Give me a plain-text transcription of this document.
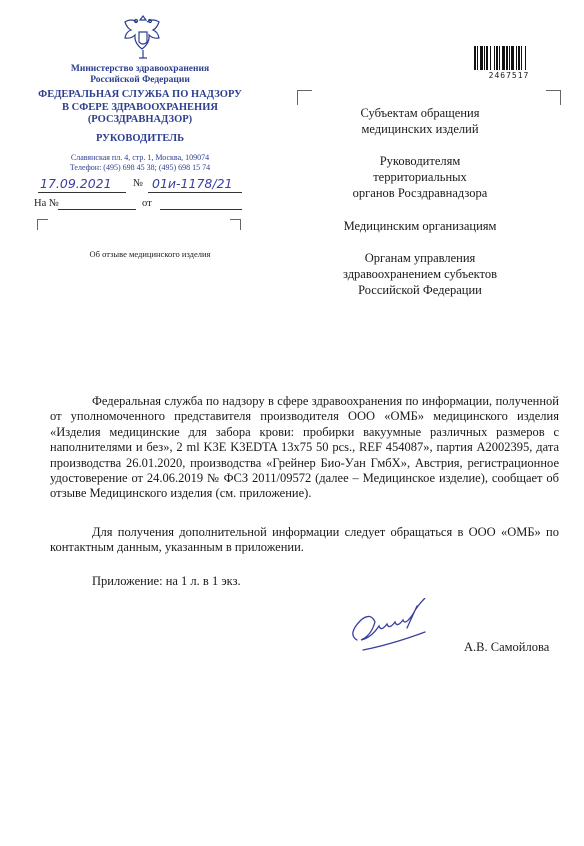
Министерство здравоохранения
Российской Федерации
ФЕДЕРАЛЬНАЯ СЛУЖБА ПО НАДЗОРУ
В СФЕРЕ ЗДРАВООХРАНЕНИЯ
(РОСЗДРАВНАДЗОР)
РУКОВОДИТЕЛЬ
Славянская пл. 4, стр. 1, Москва, 109074
Телефон: (495) 698 45 38; (495) 698 15 74
17.09.2021 № 01и-1178/21
На №	от
Об отзыве медицинского изделия
2467517
Субъектам обращения
медицинских изделий
Руководителям
территориальных
органов Росздравнадзора
Медицинским организациям
Органам управления
здравоохранением субъектов
Российской Федерации
Федеральная служба по надзору в сфере здравоохранения по информации, полученной от уполномоченного представителя производителя ООО «ОМБ» медицинского изделия «Изделия медицинские для забора крови: пробирки вакуумные различных размеров с наполнителями и без», 2 ml K3E K3EDTA 13x75 50 pcs., REF 454087», партия A2002395, дата производства 26.01.2020, производства «Грейнер Био-Уан ГмбХ», Австрия, регистрационное удостоверение от 24.06.2019 № ФСЗ 2011/09572 (далее – Медицинское изделие), сообщает об отзыве Медицинского изделия (см. приложение).
Для получения дополнительной информации следует обращаться в ООО «ОМБ» по контактным данным, указанным в приложении.
Приложение: на 1 л. в 1 экз.
А.В. Самойлова
